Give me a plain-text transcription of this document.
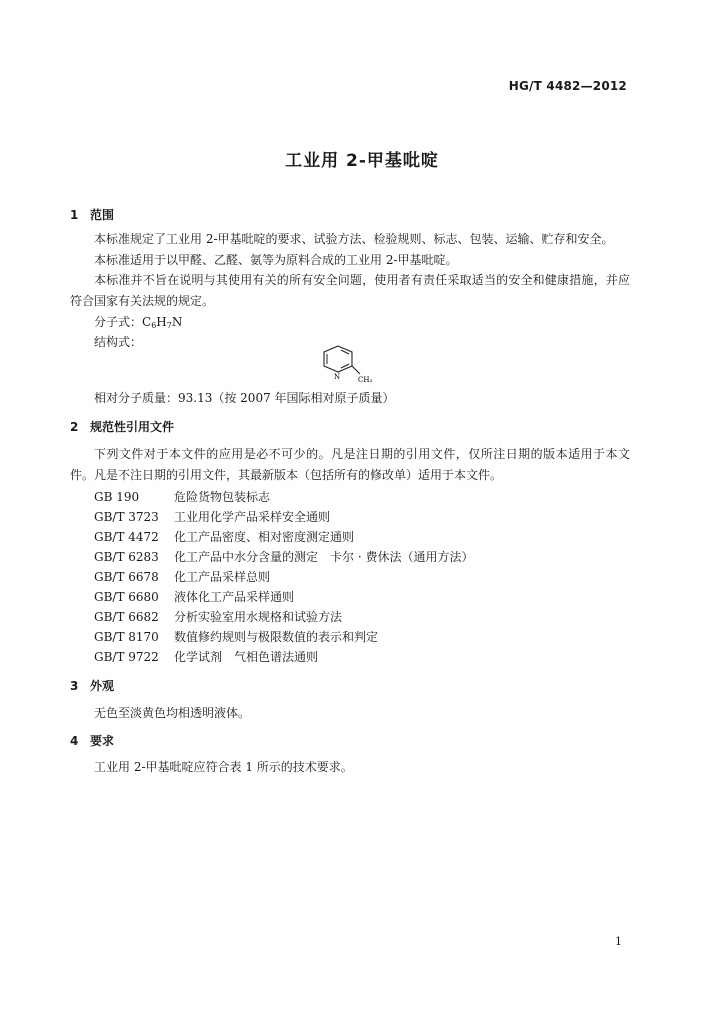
HG/T 4482—2012
工业用 2-甲基吡啶
1 范围
本标准规定了工业用 2-甲基吡啶的要求、试验方法、检验规则、标志、包装、运输、贮存和安全。
本标准适用于以甲醛、乙醛、氨等为原料合成的工业用 2-甲基吡啶。
本标准并不旨在说明与其使用有关的所有安全问题，使用者有责任采取适当的安全和健康措施，并应符合国家有关法规的规定。
分子式：$C_6H_7N$
结构式：
N	CH₃
相对分子质量：93.13（按 2007 年国际相对原子质量）
2 规范性引用文件
下列文件对于本文件的应用是必不可少的。凡是注日期的引用文件，仅所注日期的版本适用于本文件。凡是不注日期的引用文件，其最新版本（包括所有的修改单）适用于本文件。
GB 190	危险货物包装标志
GB/T 3723 工业用化学产品采样安全通则
GB/T 4472 化工产品密度、相对密度测定通则
GB/T 6283 化工产品中水分含量的测定　卡尔 · 费休法（通用方法）
GB/T 6678 化工产品采样总则
GB/T 6680 液体化工产品采样通则
GB/T 6682 分析实验室用水规格和试验方法
GB/T 8170 数值修约规则与极限数值的表示和判定
GB/T 9722 化学试剂　气相色谱法通则
3 外观
无色至淡黄色均相透明液体。
4 要求
工业用 2-甲基吡啶应符合表 1 所示的技术要求。
1
